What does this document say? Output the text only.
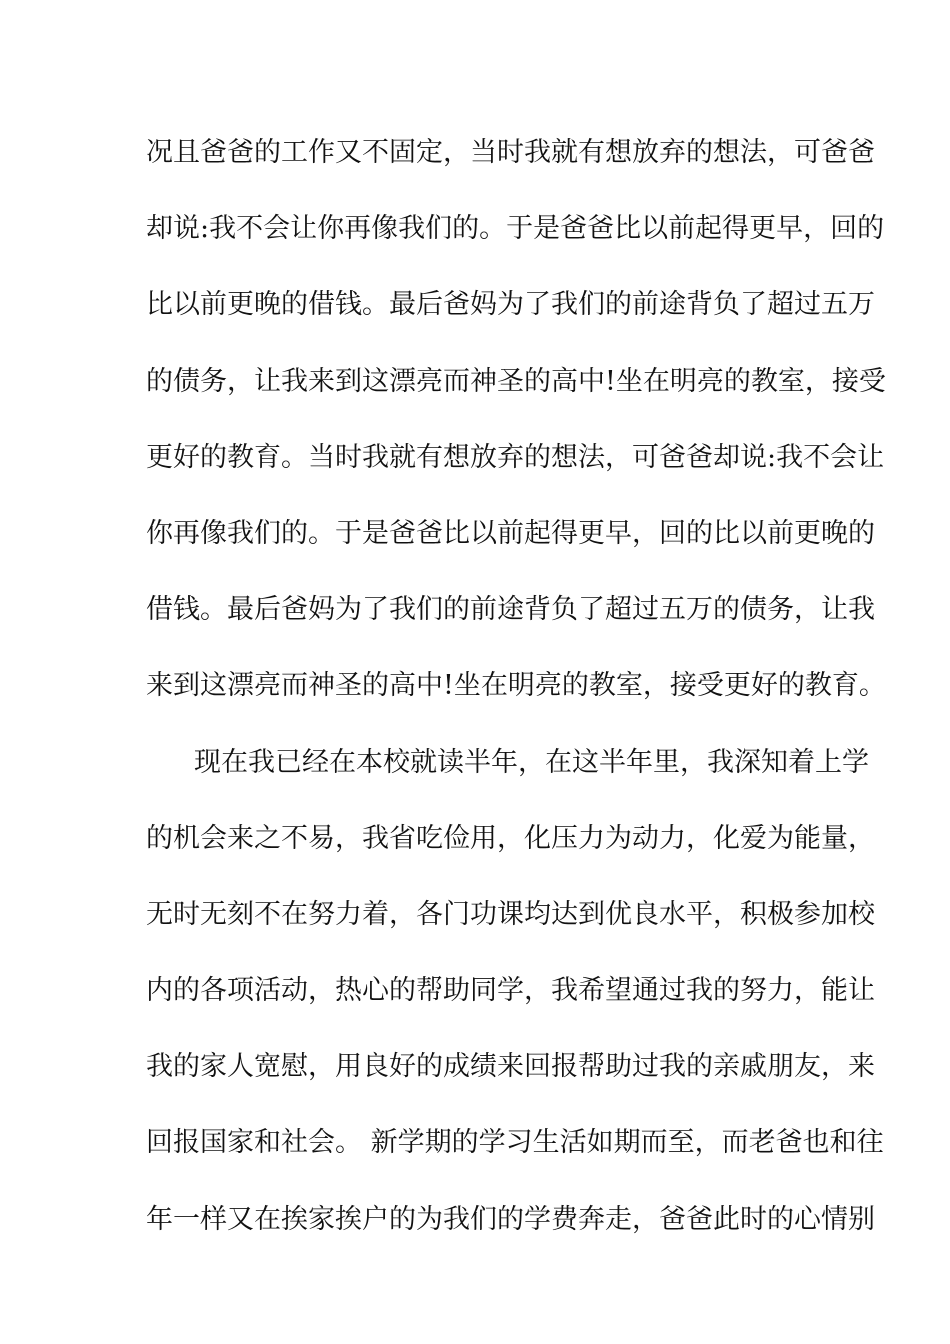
况且爸爸的工作又不固定，当时我就有想放弃的想法，可爸爸
却说:我不会让你再像我们的。于是爸爸比以前起得更早，回的
比以前更晚的借钱。最后爸妈为了我们的前途背负了超过五万
的债务，让我来到这漂亮而神圣的高中!坐在明亮的教室，接受
更好的教育。当时我就有想放弃的想法，可爸爸却说:我不会让
你再像我们的。于是爸爸比以前起得更早，回的比以前更晚的
借钱。最后爸妈为了我们的前途背负了超过五万的债务，让我
来到这漂亮而神圣的高中!坐在明亮的教室，接受更好的教育。
现在我已经在本校就读半年，在这半年里，我深知着上学
的机会来之不易，我省吃俭用，化压力为动力，化爱为能量，
无时无刻不在努力着，各门功课均达到优良水平，积极参加校
内的各项活动，热心的帮助同学，我希望通过我的努力，能让
我的家人宽慰，用良好的成绩来回报帮助过我的亲戚朋友，来
回报国家和社会。 新学期的学习生活如期而至，而老爸也和往
年一样又在挨家挨户的为我们的学费奔走，爸爸此时的心情别
